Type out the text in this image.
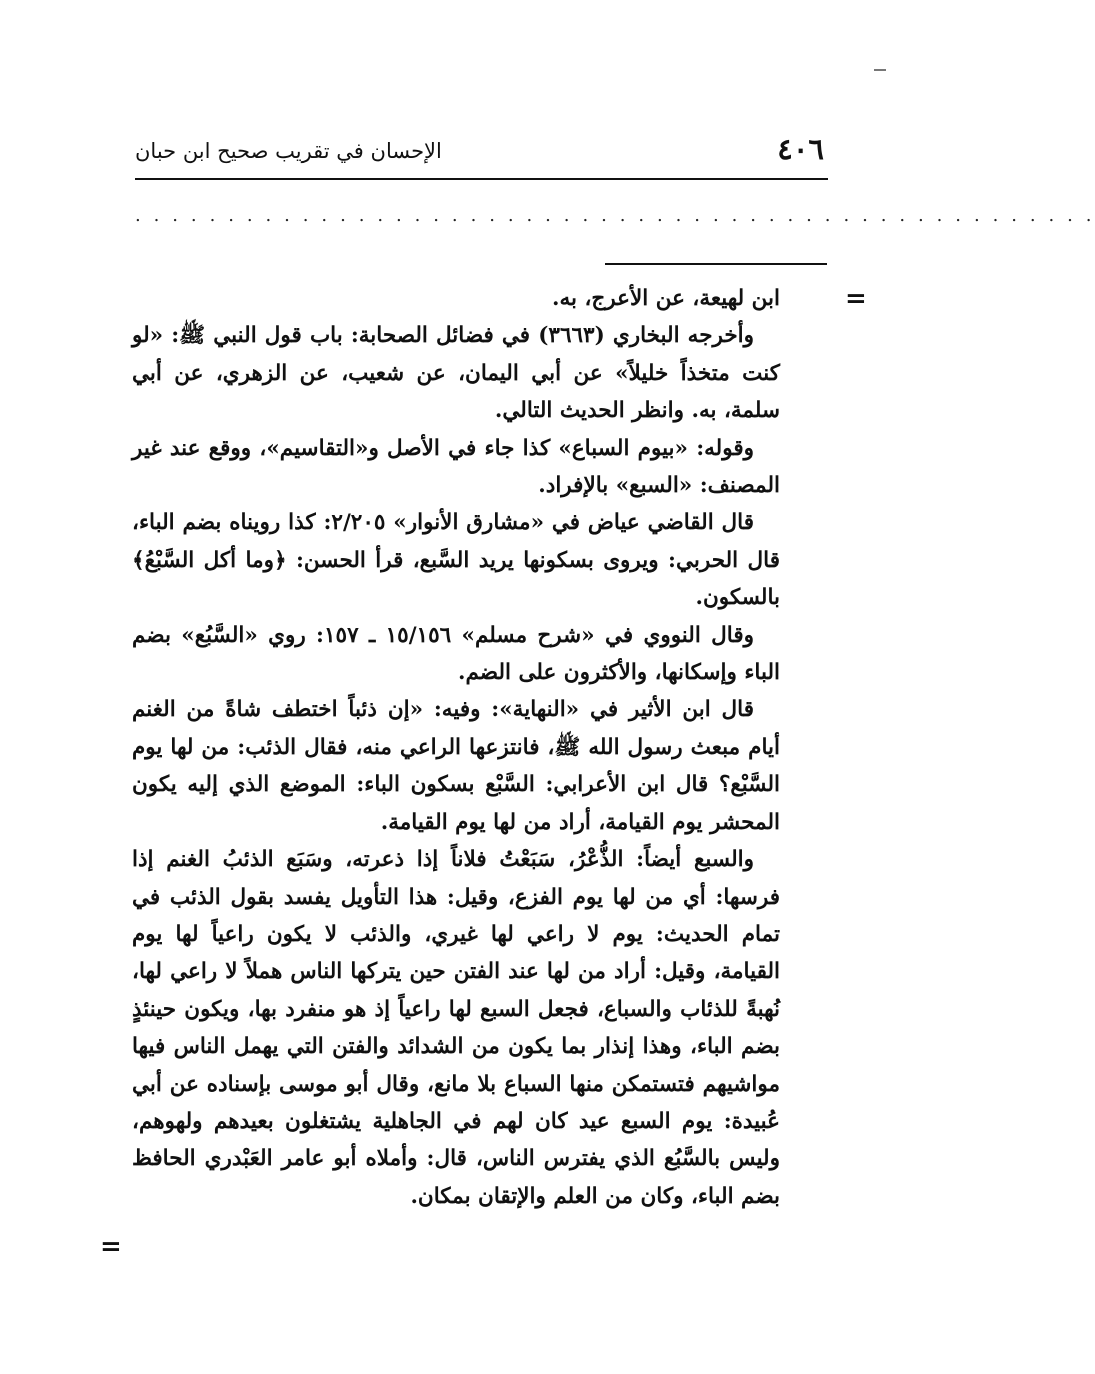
٤٠٦
الإحسان في تقريب صحيح ابن حبان
. . . . . . . . . . . . . . . . . . . . . . . . . . . . . . . . . . . . . . . . . . . . . . . . . . . .
=

ابن لهيعة، عن الأعرج، به.

وأخرجه البخاري (٣٦٦٣) في فضائل الصحابة: باب قول النبي ﷺ: «لو كنت متخذاً خليلاً» عن أبي اليمان، عن شعيب، عن الزهري، عن أبي سلمة، به. وانظر الحديث التالي.

وقوله: «بيوم السباع» كذا جاء في الأصل و«التقاسيم»، ووقع عند غير المصنف: «السبع» بالإفراد.

قال القاضي عياض في «مشارق الأنوار» ٢/٢٠٥: كذا رويناه بضم الباء، قال الحربي: ويروى بسكونها يريد السَّبع، قرأ الحسن: ﴿وما أكل السَّبْعُ﴾ بالسكون.

وقال النووي في «شرح مسلم» ١٥/١٥٦ ـ ١٥٧: روي «السَّبُع» بضم الباء وإسكانها، والأكثرون على الضم.

قال ابن الأثير في «النهاية»: وفيه: «إن ذئباً اختطف شاةً من الغنم أيام مبعث رسول الله ﷺ، فانتزعها الراعي منه، فقال الذئب: من لها يوم السَّبْع؟ قال ابن الأعرابي: السَّبْع بسكون الباء: الموضع الذي إليه يكون المحشر يوم القيامة، أراد من لها يوم القيامة.

والسبع أيضاً: الذُّعْرُ، سَبَعْتُ فلاناً إذا ذعرته، وسَبَع الذئبُ الغنم إذا فرسها: أي من لها يوم الفزع، وقيل: هذا التأويل يفسد بقول الذئب في تمام الحديث: يوم لا راعي لها غيري، والذئب لا يكون راعياً لها يوم القيامة، وقيل: أراد من لها عند الفتن حين يتركها الناس هملاً لا راعي لها، نُهبةً للذئاب والسباع، فجعل السبع لها راعياً إذ هو منفرد بها، ويكون حينئذٍ بضم الباء، وهذا إنذار بما يكون من الشدائد والفتن التي يهمل الناس فيها مواشيهم فتستمكن منها السباع بلا مانع، وقال أبو موسى بإسناده عن أبي عُبيدة: يوم السبع عيد كان لهم في الجاهلية يشتغلون بعيدهم ولهوهم، وليس بالسَّبُع الذي يفترس الناس، قال: وأملاه أبو عامر العَبْدري الحافظ بضم الباء، وكان من العلم والإتقان بمكان.

=
